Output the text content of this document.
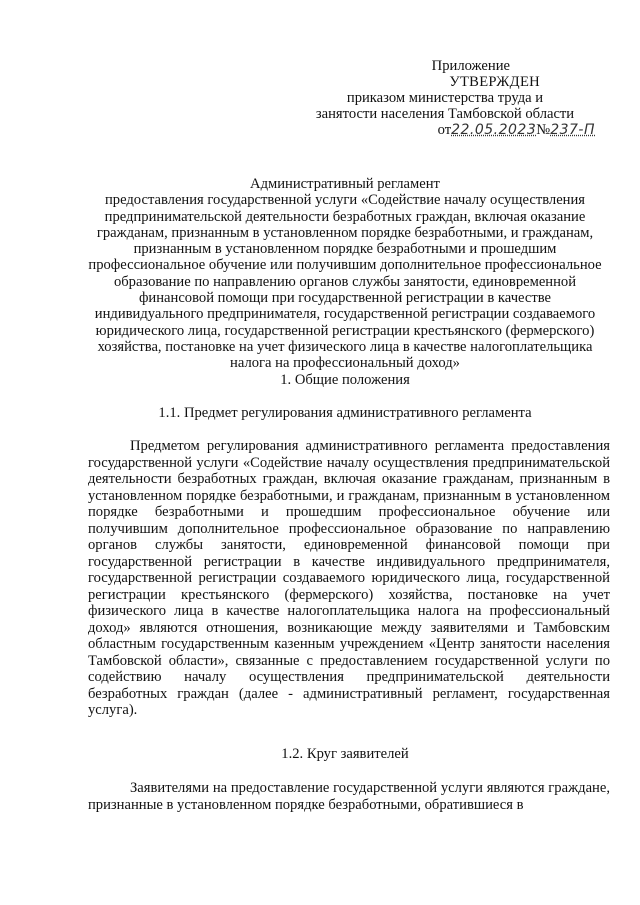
Приложение
УТВЕРЖДЕН
приказом министерства труда и
занятости населения Тамбовской области
от22.05.2023№237-П
Административный регламент
предоставления государственной услуги «Содействие началу осуществления предпринимательской деятельности безработных граждан, включая оказание гражданам, признанным в установленном порядке безработными, и гражданам, признанным в установленном порядке безработными и прошедшим профессиональное обучение или получившим дополнительное профессиональное образование по направлению органов службы занятости, единовременной финансовой помощи при государственной регистрации в качестве индивидуального предпринимателя, государственной регистрации создаваемого юридического лица, государственной регистрации крестьянского (фермерского) хозяйства, постановке на учет физического лица в качестве налогоплательщика налога на профессиональный доход»
1. Общие положения
1.1. Предмет регулирования административного регламента
Предметом регулирования административного регламента предоставления государственной услуги «Содействие началу осуществления предпринимательской деятельности безработных граждан, включая оказание гражданам, признанным в установленном порядке безработными, и гражданам, признанным в установленном порядке безработными и прошедшим профессиональное обучение или получившим дополнительное профессиональное образование по направлению органов службы занятости, единовременной финансовой помощи при государственной регистрации в качестве индивидуального предпринимателя, государственной регистрации создаваемого юридического лица, государственной регистрации крестьянского (фермерского) хозяйства, постановке на учет физического лица в качестве налогоплательщика налога на профессиональный доход» являются отношения, возникающие между заявителями и Тамбовским областным государственным казенным учреждением «Центр занятости населения Тамбовской области», связанные с предоставлением государственной услуги по содействию началу осуществления предпринимательской деятельности безработных граждан (далее - административный регламент, государственная услуга).
1.2. Круг заявителей
Заявителями на предоставление государственной услуги являются граждане, признанные в установленном порядке безработными, обратившиеся в
